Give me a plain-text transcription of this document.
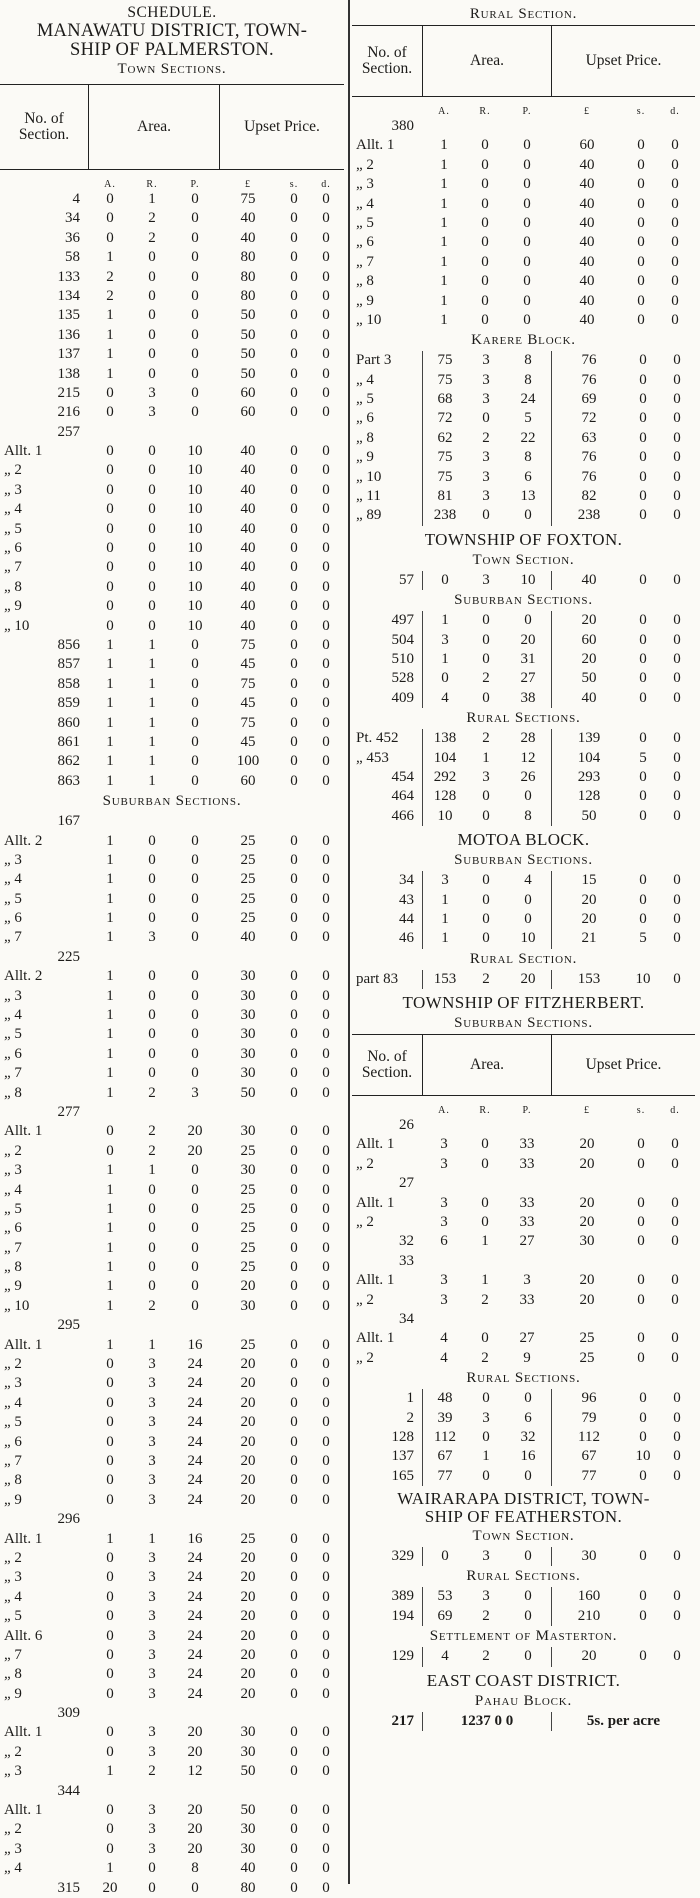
SCHEDULE.
MANAWATU DISTRICT, TOWN-
SHIP OF PALMERSTON.
Town Sections.
No. of Section.	Area.	Upset Price.
A.	R.	P.	£	s.	d.
4	0	1	0	75	0	0
34	0	2	0	40	0	0
36	0	2	0	40	0	0
58	1	0	0	80	0	0
133	2	0	0	80	0	0
134	2	0	0	80	0	0
135	1	0	0	50	0	0
136	1	0	0	50	0	0
137	1	0	0	50	0	0
138	1	0	0	50	0	0
215	0	3	0	60	0	0
216	0	3	0	60	0	0
257
Allt. 1	0	0	10	40	0	0
„ 2	0	0	10	40	0	0
„ 3	0	0	10	40	0	0
„ 4	0	0	10	40	0	0
„ 5	0	0	10	40	0	0
„ 6	0	0	10	40	0	0
„ 7	0	0	10	40	0	0
„ 8	0	0	10	40	0	0
„ 9	0	0	10	40	0	0
„ 10	0	0	10	40	0	0
856	1	1	0	75	0	0
857	1	1	0	45	0	0
858	1	1	0	75	0	0
859	1	1	0	45	0	0
860	1	1	0	75	0	0
861	1	1	0	45	0	0
862	1	1	0	100	0	0
863	1	1	0	60	0	0
Suburban Sections.
167
Allt. 2	1	0	0	25	0	0
„ 3	1	0	0	25	0	0
„ 4	1	0	0	25	0	0
„ 5	1	0	0	25	0	0
„ 6	1	0	0	25	0	0
„ 7	1	3	0	40	0	0
225
Allt. 2	1	0	0	30	0	0
„ 3	1	0	0	30	0	0
„ 4	1	0	0	30	0	0
„ 5	1	0	0	30	0	0
„ 6	1	0	0	30	0	0
„ 7	1	0	0	30	0	0
„ 8	1	2	3	50	0	0
277
Allt. 1	0	2	20	30	0	0
„ 2	0	2	20	25	0	0
„ 3	1	1	0	30	0	0
„ 4	1	0	0	25	0	0
„ 5	1	0	0	25	0	0
„ 6	1	0	0	25	0	0
„ 7	1	0	0	25	0	0
„ 8	1	0	0	25	0	0
„ 9	1	0	0	20	0	0
„ 10	1	2	0	30	0	0
295
Allt. 1	1	1	16	25	0	0
„ 2	0	3	24	20	0	0
„ 3	0	3	24	20	0	0
„ 4	0	3	24	20	0	0
„ 5	0	3	24	20	0	0
„ 6	0	3	24	20	0	0
„ 7	0	3	24	20	0	0
„ 8	0	3	24	20	0	0
„ 9	0	3	24	20	0	0
296
Allt. 1	1	1	16	25	0	0
„ 2	0	3	24	20	0	0
„ 3	0	3	24	20	0	0
„ 4	0	3	24	20	0	0
„ 5	0	3	24	20	0	0
Allt. 6	0	3	24	20	0	0
„ 7	0	3	24	20	0	0
„ 8	0	3	24	20	0	0
„ 9	0	3	24	20	0	0
309
Allt. 1	0	3	20	30	0	0
„ 2	0	3	20	30	0	0
„ 3	1	2	12	50	0	0
344
Allt. 1	0	3	20	50	0	0
„ 2	0	3	20	30	0	0
„ 3	0	3	20	30	0	0
„ 4	1	0	8	40	0	0
315	20	0	0	80	0	0
Rural Section.
No. of Section.	Area.	Upset Price.
A.	R.	P.	£	s.	d.
380
Allt. 1	1	0	0	60	0	0
„ 2	1	0	0	40	0	0
„ 3	1	0	0	40	0	0
„ 4	1	0	0	40	0	0
„ 5	1	0	0	40	0	0
„ 6	1	0	0	40	0	0
„ 7	1	0	0	40	0	0
„ 8	1	0	0	40	0	0
„ 9	1	0	0	40	0	0
„ 10	1	0	0	40	0	0
Karere Block.
Part 3	75	3	8	76	0	0
„ 4	75	3	8	76	0	0
„ 5	68	3	24	69	0	0
„ 6	72	0	5	72	0	0
„ 8	62	2	22	63	0	0
„ 9	75	3	8	76	0	0
„ 10	75	3	6	76	0	0
„ 11	81	3	13	82	0	0
„ 89	238	0	0	238	0	0
TOWNSHIP OF FOXTON.
Town Section.
57	0	3	10	40	0	0
Suburban Sections.
497	1	0	0	20	0	0
504	3	0	20	60	0	0
510	1	0	31	20	0	0
528	0	2	27	50	0	0
409	4	0	38	40	0	0
Rural Sections.
Pt. 452	138	2	28	139	0	0
„ 453	104	1	12	104	5	0
454	292	3	26	293	0	0
464	128	0	0	128	0	0
466	10	0	8	50	0	0
MOTOA BLOCK.
Suburban Sections.
34	3	0	4	15	0	0
43	1	0	0	20	0	0
44	1	0	0	20	0	0
46	1	0	10	21	5	0
Rural Section.
part 83	153	2	20	153	10	0
TOWNSHIP OF FITZHERBERT.
Suburban Sections.
No. of Section.	Area.	Upset Price.
A.	R.	P.	£	s.	d.
26
Allt. 1	3	0	33	20	0	0
„ 2	3	0	33	20	0	0
27
Allt. 1	3	0	33	20	0	0
„ 2	3	0	33	20	0	0
32	6	1	27	30	0	0
33
Allt. 1	3	1	3	20	0	0
„ 2	3	2	33	20	0	0
34
Allt. 1	4	0	27	25	0	0
„ 2	4	2	9	25	0	0
Rural Sections.
1	48	0	0	96	0	0
2	39	3	6	79	0	0
128	112	0	32	112	0	0
137	67	1	16	67	10	0
165	77	0	0	77	0	0
WAIRARAPA DISTRICT, TOWN-
SHIP OF FEATHERSTON.
Town Section.
329	0	3	0	30	0	0
Rural Sections.
389	53	3	0	160	0	0
194	69	2	0	210	0	0
Settlement of Masterton.
129	4	2	0	20	0	0
EAST COAST DISTRICT.
Pahau Block.
217	1237 0 0	5s. per acre
